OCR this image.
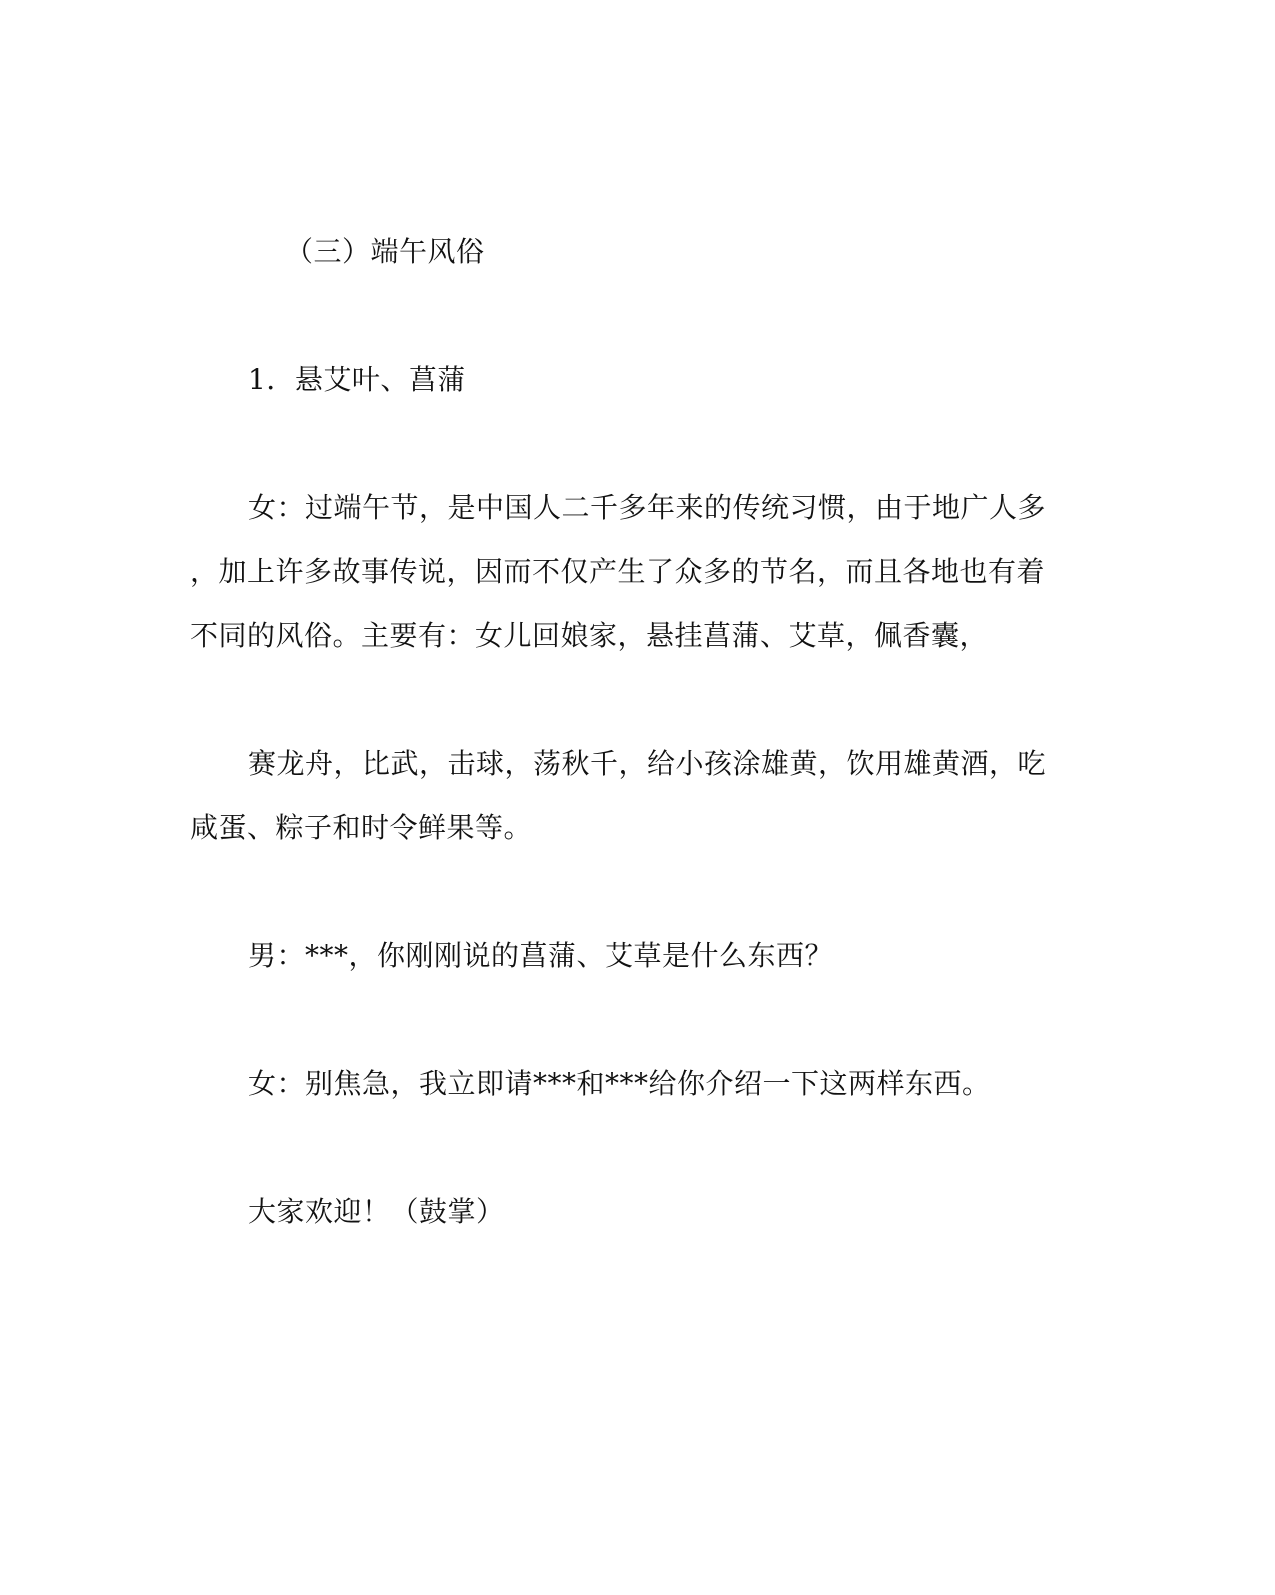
（三）端午风俗
1．悬艾叶、菖蒲
女：过端午节，是中国人二千多年来的传统习惯，由于地广人多
，加上许多故事传说，因而不仅产生了众多的节名，而且各地也有着
不同的风俗。主要有：女儿回娘家，悬挂菖蒲、艾草，佩香囊，
赛龙舟，比武，击球，荡秋千，给小孩涂雄黄，饮用雄黄酒，吃
咸蛋、粽子和时令鲜果等。
男：***，你刚刚说的菖蒲、艾草是什么东西？
女：别焦急，我立即请***和***给你介绍一下这两样东西。
大家欢迎！（鼓掌）
